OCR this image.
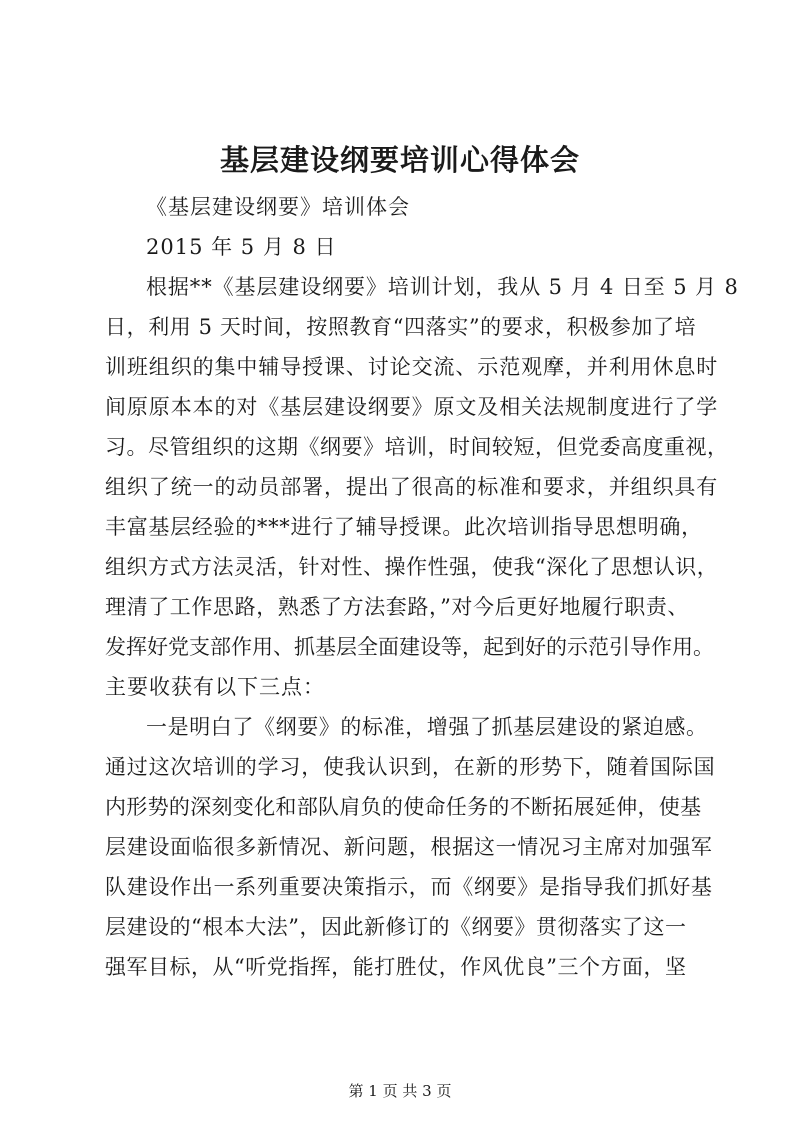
基层建设纲要培训心得体会

《基层建设纲要》培训体会

2015 年 5 月 8 日

根据**《基层建设纲要》培训计划，我从 5 月 4 日至 5 月 8

日，利用 5 天时间，按照教育“四落实”的要求，积极参加了培

训班组织的集中辅导授课、讨论交流、示范观摩，并利用休息时

间原原本本的对《基层建设纲要》原文及相关法规制度进行了学

习。尽管组织的这期《纲要》培训，时间较短，但党委高度重视，

组织了统一的动员部署，提出了很高的标准和要求，并组织具有

丰富基层经验的***进行了辅导授课。此次培训指导思想明确，

组织方式方法灵活，针对性、操作性强，使我“深化了思想认识，

理清了工作思路，熟悉了方法套路，”对今后更好地履行职责、

发挥好党支部作用、抓基层全面建设等，起到好的示范引导作用。

主要收获有以下三点：

一是明白了《纲要》的标准，增强了抓基层建设的紧迫感。

通过这次培训的学习，使我认识到，在新的形势下，随着国际国

内形势的深刻变化和部队肩负的使命任务的不断拓展延伸，使基

层建设面临很多新情况、新问题，根据这一情况习主席对加强军

队建设作出一系列重要决策指示，而《纲要》是指导我们抓好基

层建设的“根本大法”，因此新修订的《纲要》贯彻落实了这一

强军目标，从“听党指挥，能打胜仗，作风优良”三个方面，坚

第 1 页 共 3 页
